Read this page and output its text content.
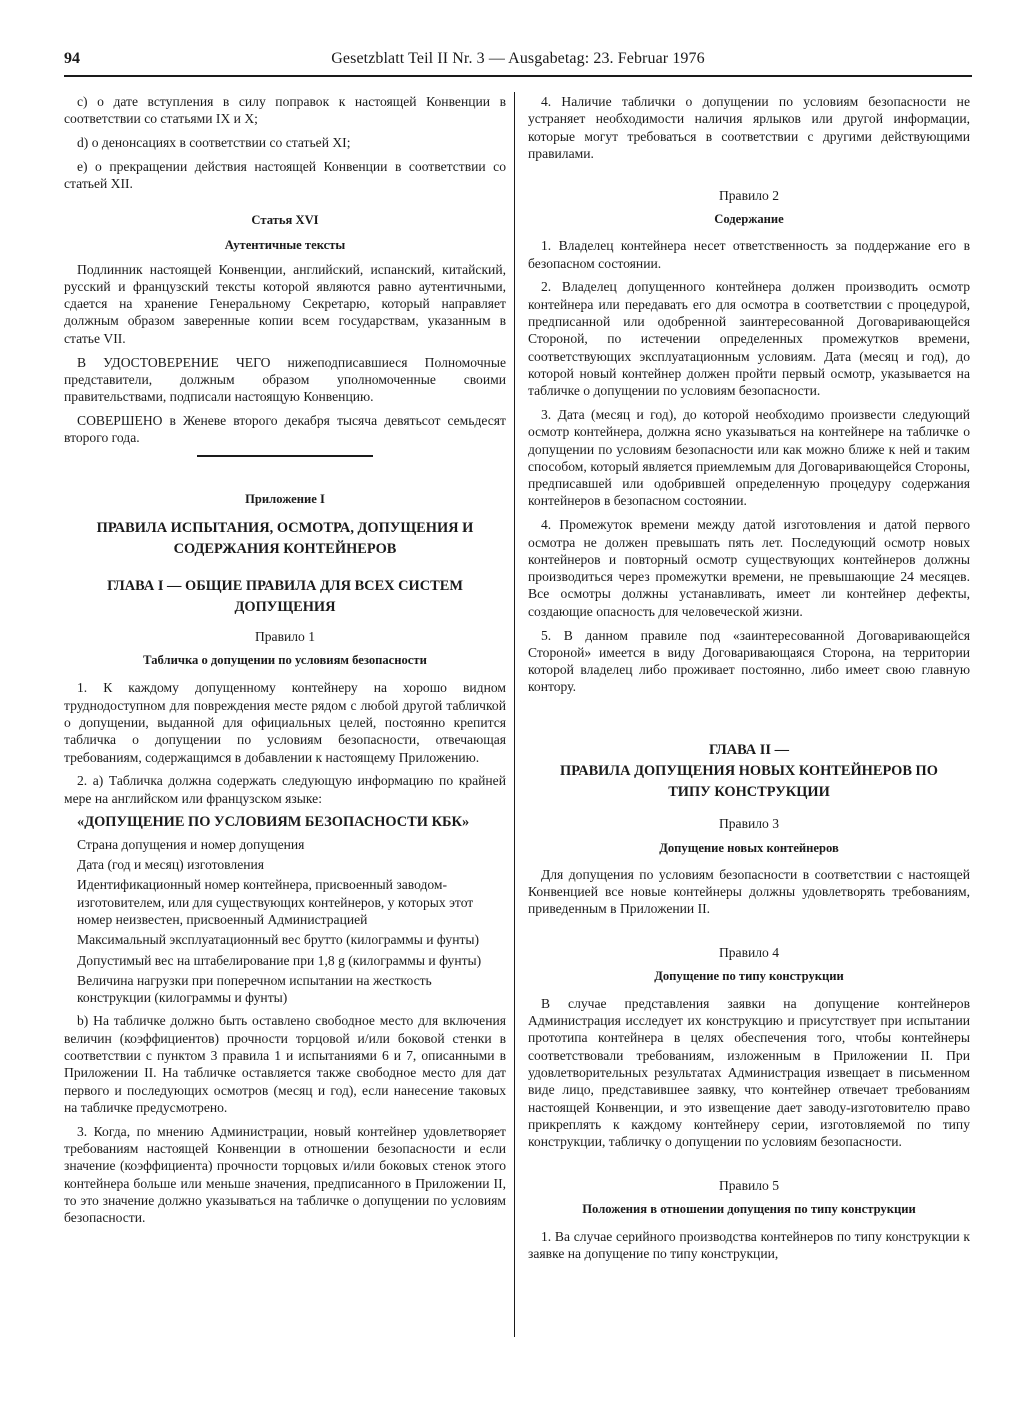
94	Gesetzblatt Teil II Nr. 3 — Ausgabetag: 23. Februar 1976

c) о дате вступления в силу поправок к настоящей Конвенции в соответствии со статьями IX и X;

d) о денонсациях в соответствии со статьей XI;

e) о прекращении действия настоящей Конвенции в соответствии со статьей XII.

Статья XVI

Аутентичные тексты

Подлинник настоящей Конвенции, английский, испанский, китайский, русский и французский тексты которой являются равно аутентичными, сдается на хранение Генеральному Секретарю, который направляет должным образом заверенные копии всем государствам, указанным в статье VII.

В УДОСТОВЕРЕНИЕ ЧЕГО нижеподписавшиеся Полномочные представители, должным образом уполномоченные своими правительствами, подписали настоящую Конвенцию.

СОВЕРШЕНО в Женеве второго декабря тысяча девятьсот семьдесят второго года.

Приложение I

ПРАВИЛА ИСПЫТАНИЯ, ОСМОТРА, ДОПУЩЕНИЯ И СОДЕРЖАНИЯ КОНТЕЙНЕРОВ
ГЛАВА I — ОБЩИЕ ПРАВИЛА ДЛЯ ВСЕХ СИСТЕМ ДОПУЩЕНИЯ

Правило 1

Табличка о допущении по условиям безопасности

1. К каждому допущенному контейнеру на хорошо видном труднодоступном для повреждения месте рядом с любой другой табличкой о допущении, выданной для официальных целей, постоянно крепится табличка о допущении по условиям безопасности, отвечающая требованиям, содержащимся в добавлении к настоящему Приложению.

2. а) Табличка должна содержать следующую информацию по крайней мере на английском или французском языке:

«ДОПУЩЕНИЕ ПО УСЛОВИЯМ БЕЗОПАСНОСТИ КБК»

Страна допущения и номер допущения

Дата (год и месяц) изготовления

Идентификационный номер контейнера, присвоенный заводом-изготовителем, или для существующих контейнеров, у которых этот номер неизвестен, присвоенный Администрацией

Максимальный эксплуатационный вес брутто (килограммы и фунты)

Допустимый вес на штабелирование при 1,8 g (килограммы и фунты)

Величина нагрузки при поперечном испытании на жесткость конструкции (килограммы и фунты)

b) На табличке должно быть оставлено свободное место для включения величин (коэффициентов) прочности торцовой и/или боковой стенки в соответствии с пунктом 3 правила 1 и испытаниями 6 и 7, описанными в Приложении II. На табличке оставляется также свободное место для дат первого и последующих осмотров (месяц и год), если нанесение таковых на табличке предусмотрено.

3. Когда, по мнению Администрации, новый контейнер удовлетворяет требованиям настоящей Конвенции в отношении безопасности и если значение (коэффициента) прочности торцовых и/или боковых стенок этого контейнера больше или меньше значения, предписанного в Приложении II, то это значение должно указываться на табличке о допущении по условиям безопасности.

4. Наличие таблички о допущении по условиям безопасности не устраняет необходимости наличия ярлыков или другой информации, которые могут требоваться в соответствии с другими действующими правилами.

Правило 2

Содержание

1. Владелец контейнера несет ответственность за поддержание его в безопасном состоянии.

2. Владелец допущенного контейнера должен производить осмотр контейнера или передавать его для осмотра в соответствии с процедурой, предписанной или одобренной заинтересованной Договаривающейся Стороной, по истечении определенных промежутков времени, соответствующих эксплуатационным условиям. Дата (месяц и год), до которой новый контейнер должен пройти первый осмотр, указывается на табличке о допущении по условиям безопасности.

3. Дата (месяц и год), до которой необходимо произвести следующий осмотр контейнера, должна ясно указываться на контейнере на табличке о допущении по условиям безопасности или как можно ближе к ней и таким способом, который является приемлемым для Договаривающейся Стороны, предписавшей или одобрившей определенную процедуру содержания контейнеров в безопасном состоянии.

4. Промежуток времени между датой изготовления и датой первого осмотра не должен превышать пять лет. Последующий осмотр новых контейнеров и повторный осмотр существующих контейнеров должны производиться через промежутки времени, не превышающие 24 месяцев. Все осмотры должны устанавливать, имеет ли контейнер дефекты, создающие опасность для человеческой жизни.

5. В данном правиле под «заинтересованной Договаривающейся Стороной» имеется в виду Договаривающаяся Сторона, на территории которой владелец либо проживает постоянно, либо имеет свою главную контору.

ГЛАВА II —
ПРАВИЛА ДОПУЩЕНИЯ НОВЫХ КОНТЕЙНЕРОВ ПО ТИПУ КОНСТРУКЦИИ

Правило 3

Допущение новых контейнеров

Для допущения по условиям безопасности в соответствии с настоящей Конвенцией все новые контейнеры должны удовлетворять требованиям, приведенным в Приложении II.

Правило 4

Допущение по типу конструкции

В случае представления заявки на допущение контейнеров Администрация исследует их конструкцию и присутствует при испытании прототипа контейнера в целях обеспечения того, чтобы контейнеры соответствовали требованиям, изложенным в Приложении II. При удовлетворительных результатах Администрация извещает в письменном виде лицо, представившее заявку, что контейнер отвечает требованиям настоящей Конвенции, и это извещение дает заводу-изготовителю право прикреплять к каждому контейнеру серии, изготовляемой по типу конструкции, табличку о допущении по условиям безопасности.

Правило 5

Положения в отношении допущения по типу конструкции

1. Ва случае серийного производства контейнеров по типу конструкции к заявке на допущение по типу конструкции,
